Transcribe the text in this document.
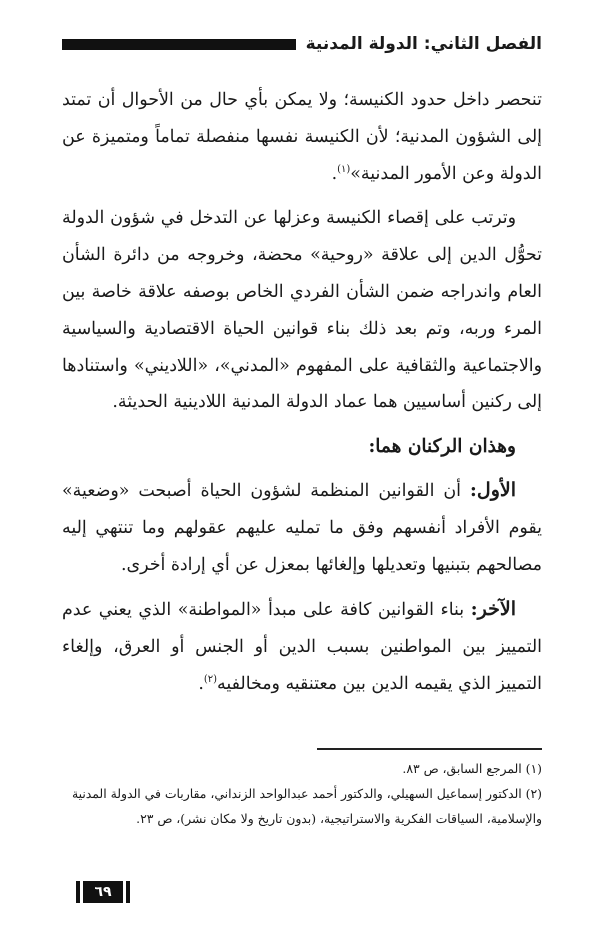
الفصل الثاني: الدولة المدنية

تنحصر داخل حدود الكنيسة؛ ولا يمكن بأي حال من الأحوال أن تمتد إلى الشؤون المدنية؛ لأن الكنيسة نفسها منفصلة تماماً ومتميزة عن الدولة وعن الأمور المدنية»$^{(١)}$.

وترتب على إقصاء الكنيسة وعزلها عن التدخل في شؤون الدولة تحوُّل الدين إلى علاقة «روحية» محضة، وخروجه من دائرة الشأن العام واندراجه ضمن الشأن الفردي الخاص بوصفه علاقة خاصة بين المرء وربه، وتم بعد ذلك بناء قوانين الحياة الاقتصادية والسياسية والاجتماعية والثقافية على المفهوم «المدني»، «اللاديني» واستنادها إلى ركنين أساسيين هما عماد الدولة المدنية اللادينية الحديثة.

وهذان الركنان هما:

الأول: أن القوانين المنظمة لشؤون الحياة أصبحت «وضعية» يقوم الأفراد أنفسهم وفق ما تمليه عليهم عقولهم وما تنتهي إليه مصالحهم بتبنيها وتعديلها وإلغائها بمعزل عن أي إرادة أخرى.

الآخر: بناء القوانين كافة على مبدأ «المواطنة» الذي يعني عدم التمييز بين المواطنين بسبب الدين أو الجنس أو العرق، وإلغاء التمييز الذي يقيمه الدين بين معتنقيه ومخالفيه$^{(٢)}$.

(١) المرجع السابق، ص ٨٣.

(٢) الدكتور إسماعيل السهيلي، والدكتور أحمد عبدالواحد الزنداني، مقاربات في الدولة المدنية والإسلامية، السياقات الفكرية والاستراتيجية، (بدون تاريخ ولا مكان نشر)، ص ٢٣.

٦٩
